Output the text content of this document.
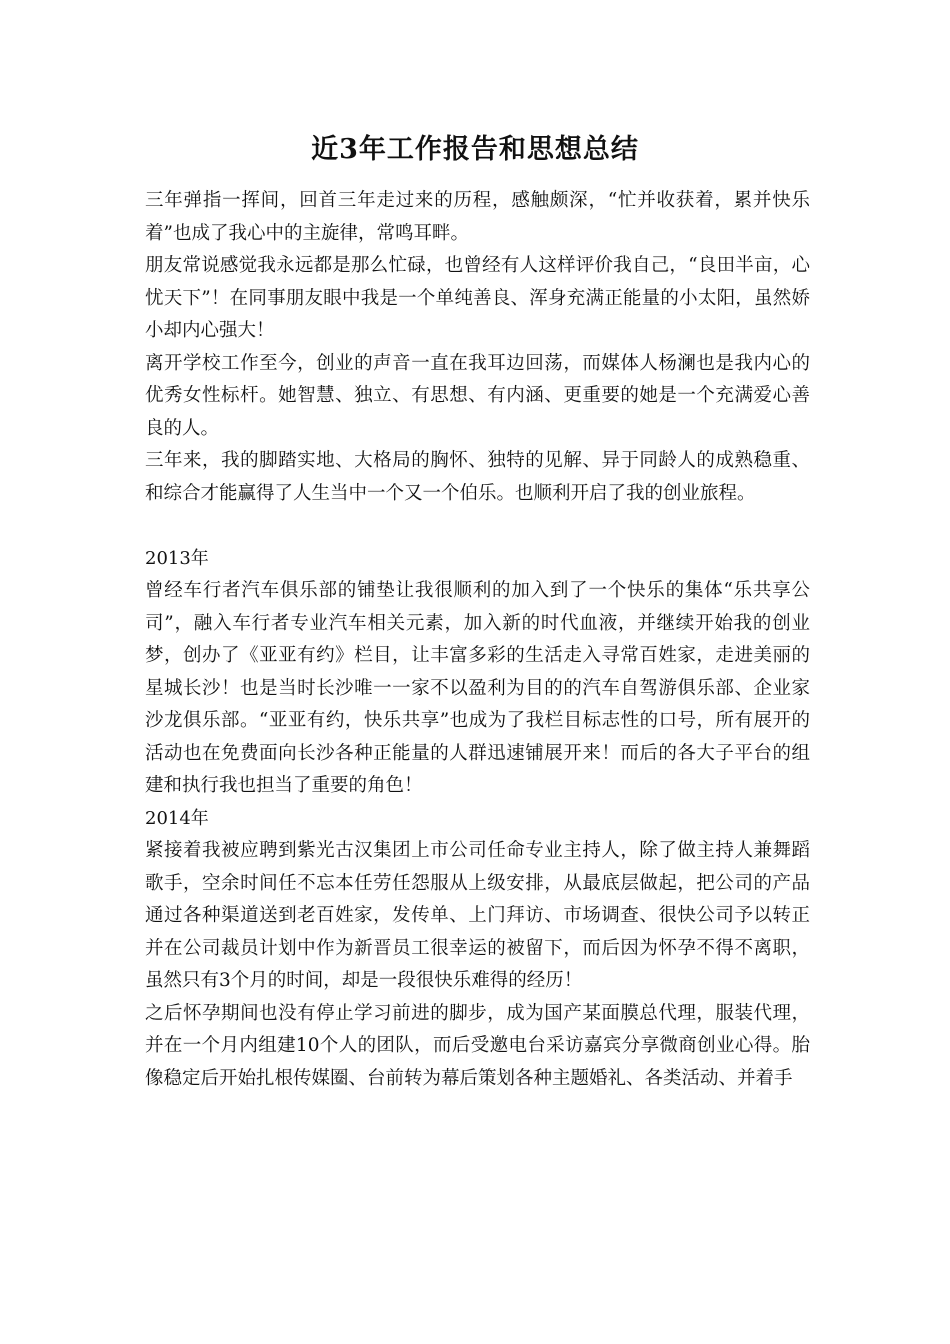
近3年工作报告和思想总结

三年弹指一挥间，回首三年走过来的历程，感触颇深，“忙并收获着，累并快乐着”也成了我心中的主旋律，常鸣耳畔。

朋友常说感觉我永远都是那么忙碌，也曾经有人这样评价我自己，“良田半亩，心忧天下”！在同事朋友眼中我是一个单纯善良、浑身充满正能量的小太阳，虽然娇小却内心强大！

离开学校工作至今，创业的声音一直在我耳边回荡，而媒体人杨澜也是我内心的优秀女性标杆。她智慧、独立、有思想、有内涵、更重要的她是一个充满爱心善良的人。

三年来，我的脚踏实地、大格局的胸怀、独特的见解、异于同龄人的成熟稳重、和综合才能赢得了人生当中一个又一个伯乐。也顺利开启了我的创业旅程。

2013年

曾经车行者汽车俱乐部的铺垫让我很顺利的加入到了一个快乐的集体“乐共享公司”，融入车行者专业汽车相关元素，加入新的时代血液，并继续开始我的创业梦，创办了《亚亚有约》栏目，让丰富多彩的生活走入寻常百姓家，走进美丽的星城长沙！也是当时长沙唯一一家不以盈利为目的的汽车自驾游俱乐部、企业家沙龙俱乐部。“亚亚有约，快乐共享”也成为了我栏目标志性的口号，所有展开的活动也在免费面向长沙各种正能量的人群迅速铺展开来！而后的各大子平台的组建和执行我也担当了重要的角色！

2014年

紧接着我被应聘到紫光古汉集团上市公司任命专业主持人，除了做主持人兼舞蹈歌手，空余时间任不忘本任劳任怨服从上级安排，从最底层做起，把公司的产品通过各种渠道送到老百姓家，发传单、上门拜访、市场调查、很快公司予以转正并在公司裁员计划中作为新晋员工很幸运的被留下，而后因为怀孕不得不离职，虽然只有3个月的时间，却是一段很快乐难得的经历！

之后怀孕期间也没有停止学习前进的脚步，成为国产某面膜总代理，服装代理，并在一个月内组建10个人的团队，而后受邀电台采访嘉宾分享微商创业心得。胎像稳定后开始扎根传媒圈、台前转为幕后策划各种主题婚礼、各类活动、并着手
